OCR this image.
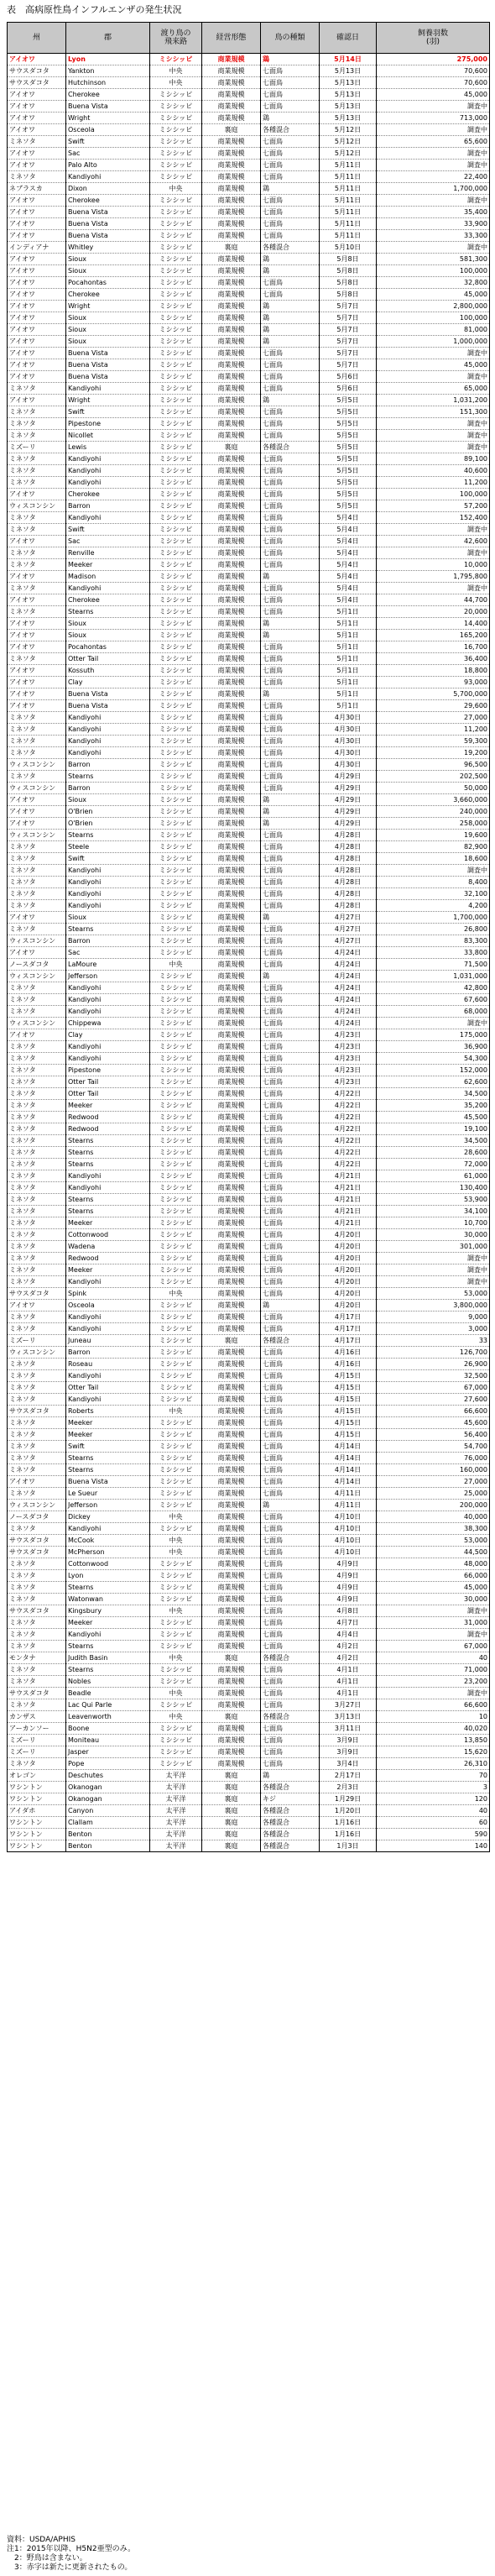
表　高病原性鳥インフルエンザの発生状況
州	郡	渡り鳥の
飛来路	経営形態	鳥の種類	確認日	飼養羽数
(羽)
アイオワ	Lyon	ミシシッピ	商業規模	鶏	5月14日	275,000
サウスダコタ	Yankton	中央	商業規模	七面鳥	5月13日	70,600
サウスダコタ	Hutchinson	中央	商業規模	七面鳥	5月13日	70,600
アイオワ	Cherokee	ミシシッピ	商業規模	七面鳥	5月13日	45,000
アイオワ	Buena Vista	ミシシッピ	商業規模	七面鳥	5月13日	調査中
アイオワ	Wright	ミシシッピ	商業規模	鶏	5月13日	713,000
アイオワ	Osceola	ミシシッピ	裏庭	各種混合	5月12日	調査中
ミネソタ	Swift	ミシシッピ	商業規模	七面鳥	5月12日	65,600
アイオワ	Sac	ミシシッピ	商業規模	七面鳥	5月12日	調査中
アイオワ	Palo Alto	ミシシッピ	商業規模	七面鳥	5月11日	調査中
ミネソタ	Kandiyohi	ミシシッピ	商業規模	七面鳥	5月11日	22,400
ネブラスカ	Dixon	中央	商業規模	鶏	5月11日	1,700,000
アイオワ	Cherokee	ミシシッピ	商業規模	七面鳥	5月11日	調査中
アイオワ	Buena Vista	ミシシッピ	商業規模	七面鳥	5月11日	35,400
アイオワ	Buena Vista	ミシシッピ	商業規模	七面鳥	5月11日	33,900
アイオワ	Buena Vista	ミシシッピ	商業規模	七面鳥	5月11日	33,300
インディアナ	Whitley	ミシシッピ	裏庭	各種混合	5月10日	調査中
アイオワ	Sioux	ミシシッピ	商業規模	鶏	5月8日	581,300
アイオワ	Sioux	ミシシッピ	商業規模	鶏	5月8日	100,000
アイオワ	Pocahontas	ミシシッピ	商業規模	七面鳥	5月8日	32,800
アイオワ	Cherokee	ミシシッピ	商業規模	七面鳥	5月8日	45,000
アイオワ	Wright	ミシシッピ	商業規模	鶏	5月7日	2,800,000
アイオワ	Sioux	ミシシッピ	商業規模	鶏	5月7日	100,000
アイオワ	Sioux	ミシシッピ	商業規模	鶏	5月7日	81,000
アイオワ	Sioux	ミシシッピ	商業規模	鶏	5月7日	1,000,000
アイオワ	Buena Vista	ミシシッピ	商業規模	七面鳥	5月7日	調査中
アイオワ	Buena Vista	ミシシッピ	商業規模	七面鳥	5月7日	45,000
アイオワ	Buena Vista	ミシシッピ	商業規模	七面鳥	5月6日	調査中
ミネソタ	Kandiyohi	ミシシッピ	商業規模	七面鳥	5月6日	65,000
アイオワ	Wright	ミシシッピ	商業規模	鶏	5月5日	1,031,200
ミネソタ	Swift	ミシシッピ	商業規模	七面鳥	5月5日	151,300
ミネソタ	Pipestone	ミシシッピ	商業規模	七面鳥	5月5日	調査中
ミネソタ	Nicollet	ミシシッピ	商業規模	七面鳥	5月5日	調査中
ミズーリ	Lewis	ミシシッピ	裏庭	各種混合	5月5日	調査中
ミネソタ	Kandiyohi	ミシシッピ	商業規模	七面鳥	5月5日	89,100
ミネソタ	Kandiyohi	ミシシッピ	商業規模	七面鳥	5月5日	40,600
ミネソタ	Kandiyohi	ミシシッピ	商業規模	七面鳥	5月5日	11,200
アイオワ	Cherokee	ミシシッピ	商業規模	七面鳥	5月5日	100,000
ウィスコンシン	Barron	ミシシッピ	商業規模	七面鳥	5月5日	57,200
ミネソタ	Kandiyohi	ミシシッピ	商業規模	七面鳥	5月4日	152,400
ミネソタ	Swift	ミシシッピ	商業規模	七面鳥	5月4日	調査中
アイオワ	Sac	ミシシッピ	商業規模	七面鳥	5月4日	42,600
ミネソタ	Renville	ミシシッピ	商業規模	七面鳥	5月4日	調査中
ミネソタ	Meeker	ミシシッピ	商業規模	七面鳥	5月4日	10,000
アイオワ	Madison	ミシシッピ	商業規模	鶏	5月4日	1,795,800
ミネソタ	Kandiyohi	ミシシッピ	商業規模	七面鳥	5月4日	調査中
アイオワ	Cherokee	ミシシッピ	商業規模	七面鳥	5月4日	44,700
ミネソタ	Stearns	ミシシッピ	商業規模	七面鳥	5月1日	20,000
アイオワ	Sioux	ミシシッピ	商業規模	鶏	5月1日	14,400
アイオワ	Sioux	ミシシッピ	商業規模	鶏	5月1日	165,200
アイオワ	Pocahontas	ミシシッピ	商業規模	七面鳥	5月1日	16,700
ミネソタ	Otter Tail	ミシシッピ	商業規模	七面鳥	5月1日	36,400
アイオワ	Kossuth	ミシシッピ	商業規模	七面鳥	5月1日	18,800
アイオワ	Clay	ミシシッピ	商業規模	七面鳥	5月1日	93,000
アイオワ	Buena Vista	ミシシッピ	商業規模	鶏	5月1日	5,700,000
アイオワ	Buena Vista	ミシシッピ	商業規模	七面鳥	5月1日	29,600
ミネソタ	Kandiyohi	ミシシッピ	商業規模	七面鳥	4月30日	27,000
ミネソタ	Kandiyohi	ミシシッピ	商業規模	七面鳥	4月30日	11,200
ミネソタ	Kandiyohi	ミシシッピ	商業規模	七面鳥	4月30日	59,300
ミネソタ	Kandiyohi	ミシシッピ	商業規模	七面鳥	4月30日	19,200
ウィスコンシン	Barron	ミシシッピ	商業規模	七面鳥	4月30日	96,500
ミネソタ	Stearns	ミシシッピ	商業規模	七面鳥	4月29日	202,500
ウィスコンシン	Barron	ミシシッピ	商業規模	七面鳥	4月29日	50,000
アイオワ	Sioux	ミシシッピ	商業規模	鶏	4月29日	3,660,000
アイオワ	O'Brien	ミシシッピ	商業規模	鶏	4月29日	240,000
アイオワ	O'Brien	ミシシッピ	商業規模	鶏	4月29日	258,000
ウィスコンシン	Stearns	ミシシッピ	商業規模	七面鳥	4月28日	19,600
ミネソタ	Steele	ミシシッピ	商業規模	七面鳥	4月28日	82,900
ミネソタ	Swift	ミシシッピ	商業規模	七面鳥	4月28日	18,600
ミネソタ	Kandiyohi	ミシシッピ	商業規模	七面鳥	4月28日	調査中
ミネソタ	Kandiyohi	ミシシッピ	商業規模	七面鳥	4月28日	8,400
ミネソタ	Kandiyohi	ミシシッピ	商業規模	七面鳥	4月28日	32,100
ミネソタ	Kandiyohi	ミシシッピ	商業規模	七面鳥	4月28日	4,200
アイオワ	Sioux	ミシシッピ	商業規模	鶏	4月27日	1,700,000
ミネソタ	Stearns	ミシシッピ	商業規模	七面鳥	4月27日	26,800
ウィスコンシン	Barron	ミシシッピ	商業規模	七面鳥	4月27日	83,300
アイオワ	Sac	ミシシッピ	商業規模	七面鳥	4月24日	33,800
ノースダコタ	LaMoure	中央	商業規模	七面鳥	4月24日	71,500
ウィスコンシン	Jefferson	ミシシッピ	商業規模	鶏	4月24日	1,031,000
ミネソタ	Kandiyohi	ミシシッピ	商業規模	七面鳥	4月24日	42,800
ミネソタ	Kandiyohi	ミシシッピ	商業規模	七面鳥	4月24日	67,600
ミネソタ	Kandiyohi	ミシシッピ	商業規模	七面鳥	4月24日	68,000
ウィスコンシン	Chippewa	ミシシッピ	商業規模	七面鳥	4月24日	調査中
アイオワ	Clay	ミシシッピ	商業規模	七面鳥	4月23日	175,000
ミネソタ	Kandiyohi	ミシシッピ	商業規模	七面鳥	4月23日	36,900
ミネソタ	Kandiyohi	ミシシッピ	商業規模	七面鳥	4月23日	54,300
ミネソタ	Pipestone	ミシシッピ	商業規模	七面鳥	4月23日	152,000
ミネソタ	Otter Tail	ミシシッピ	商業規模	七面鳥	4月23日	62,600
ミネソタ	Otter Tail	ミシシッピ	商業規模	七面鳥	4月22日	34,500
ミネソタ	Meeker	ミシシッピ	商業規模	七面鳥	4月22日	35,200
ミネソタ	Redwood	ミシシッピ	商業規模	七面鳥	4月22日	45,500
ミネソタ	Redwood	ミシシッピ	商業規模	七面鳥	4月22日	19,100
ミネソタ	Stearns	ミシシッピ	商業規模	七面鳥	4月22日	34,500
ミネソタ	Stearns	ミシシッピ	商業規模	七面鳥	4月22日	28,600
ミネソタ	Stearns	ミシシッピ	商業規模	七面鳥	4月22日	72,000
ミネソタ	Kandiyohi	ミシシッピ	商業規模	七面鳥	4月21日	61,000
ミネソタ	Kandiyohi	ミシシッピ	商業規模	七面鳥	4月21日	130,400
ミネソタ	Stearns	ミシシッピ	商業規模	七面鳥	4月21日	53,900
ミネソタ	Stearns	ミシシッピ	商業規模	七面鳥	4月21日	34,100
ミネソタ	Meeker	ミシシッピ	商業規模	七面鳥	4月21日	10,700
ミネソタ	Cottonwood	ミシシッピ	商業規模	七面鳥	4月20日	30,000
ミネソタ	Wadena	ミシシッピ	商業規模	七面鳥	4月20日	301,000
ミネソタ	Redwood	ミシシッピ	商業規模	七面鳥	4月20日	調査中
ミネソタ	Meeker	ミシシッピ	商業規模	七面鳥	4月20日	調査中
ミネソタ	Kandiyohi	ミシシッピ	商業規模	七面鳥	4月20日	調査中
サウスダコタ	Spink	中央	商業規模	七面鳥	4月20日	53,000
アイオワ	Osceola	ミシシッピ	商業規模	鶏	4月20日	3,800,000
ミネソタ	Kandiyohi	ミシシッピ	商業規模	七面鳥	4月17日	9,000
ミネソタ	Kandiyohi	ミシシッピ	商業規模	七面鳥	4月17日	3,000
ミズーリ	Juneau	ミシシッピ	裏庭	各種混合	4月17日	33
ウィスコンシン	Barron	ミシシッピ	商業規模	七面鳥	4月16日	126,700
ミネソタ	Roseau	ミシシッピ	商業規模	七面鳥	4月16日	26,900
ミネソタ	Kandiyohi	ミシシッピ	商業規模	七面鳥	4月15日	32,500
ミネソタ	Otter Tail	ミシシッピ	商業規模	七面鳥	4月15日	67,000
ミネソタ	Kandiyohi	ミシシッピ	商業規模	七面鳥	4月15日	27,600
サウスダコタ	Roberts	中央	商業規模	七面鳥	4月15日	66,600
ミネソタ	Meeker	ミシシッピ	商業規模	七面鳥	4月15日	45,600
ミネソタ	Meeker	ミシシッピ	商業規模	七面鳥	4月15日	56,400
ミネソタ	Swift	ミシシッピ	商業規模	七面鳥	4月14日	54,700
ミネソタ	Stearns	ミシシッピ	商業規模	七面鳥	4月14日	76,000
ミネソタ	Stearns	ミシシッピ	商業規模	七面鳥	4月14日	160,000
アイオワ	Buena Vista	ミシシッピ	商業規模	七面鳥	4月14日	27,000
ミネソタ	Le Sueur	ミシシッピ	商業規模	七面鳥	4月11日	25,000
ウィスコンシン	Jefferson	ミシシッピ	商業規模	鶏	4月11日	200,000
ノースダコタ	Dickey	中央	商業規模	七面鳥	4月10日	40,000
ミネソタ	Kandiyohi	ミシシッピ	商業規模	七面鳥	4月10日	38,300
サウスダコタ	McCook	中央	商業規模	七面鳥	4月10日	53,000
サウスダコタ	McPherson	中央	商業規模	七面鳥	4月10日	44,500
ミネソタ	Cottonwood	ミシシッピ	商業規模	七面鳥	4月9日	48,000
ミネソタ	Lyon	ミシシッピ	商業規模	七面鳥	4月9日	66,000
ミネソタ	Stearns	ミシシッピ	商業規模	七面鳥	4月9日	45,000
ミネソタ	Watonwan	ミシシッピ	商業規模	七面鳥	4月9日	30,000
サウスダコタ	Kingsbury	中央	商業規模	七面鳥	4月8日	調査中
ミネソタ	Meeker	ミシシッピ	商業規模	七面鳥	4月7日	31,000
ミネソタ	Kandiyohi	ミシシッピ	商業規模	七面鳥	4月4日	調査中
ミネソタ	Stearns	ミシシッピ	商業規模	七面鳥	4月2日	67,000
モンタナ	Judith Basin	中央	裏庭	各種混合	4月2日	40
ミネソタ	Stearns	ミシシッピ	商業規模	七面鳥	4月1日	71,000
ミネソタ	Nobles	ミシシッピ	商業規模	七面鳥	4月1日	23,200
サウスダコタ	Beadle	中央	商業規模	七面鳥	4月1日	調査中
ミネソタ	Lac Qui Parle	ミシシッピ	商業規模	七面鳥	3月27日	66,600
カンザス	Leavenworth	中央	裏庭	各種混合	3月13日	10
アーカンソー	Boone	ミシシッピ	商業規模	七面鳥	3月11日	40,020
ミズーリ	Moniteau	ミシシッピ	商業規模	七面鳥	3月9日	13,850
ミズーリ	Jasper	ミシシッピ	商業規模	七面鳥	3月9日	15,620
ミネソタ	Pope	ミシシッピ	商業規模	七面鳥	3月4日	26,310
オレゴン	Deschutes	太平洋	裏庭	鶏	2月17日	70
ワシントン	Okanogan	太平洋	裏庭	各種混合	2月3日	3
ワシントン	Okanogan	太平洋	裏庭	キジ	1月29日	120
アイダホ	Canyon	太平洋	裏庭	各種混合	1月20日	40
ワシントン	Clallam	太平洋	裏庭	各種混合	1月16日	60
ワシントン	Benton	太平洋	裏庭	各種混合	1月16日	590
ワシントン	Benton	太平洋	裏庭	各種混合	1月3日	140
資料：USDA/APHIS
注1：2015年以降、H5N2亜型のみ。
　2：野鳥は含まない。
　3：赤字は新たに更新されたもの。
